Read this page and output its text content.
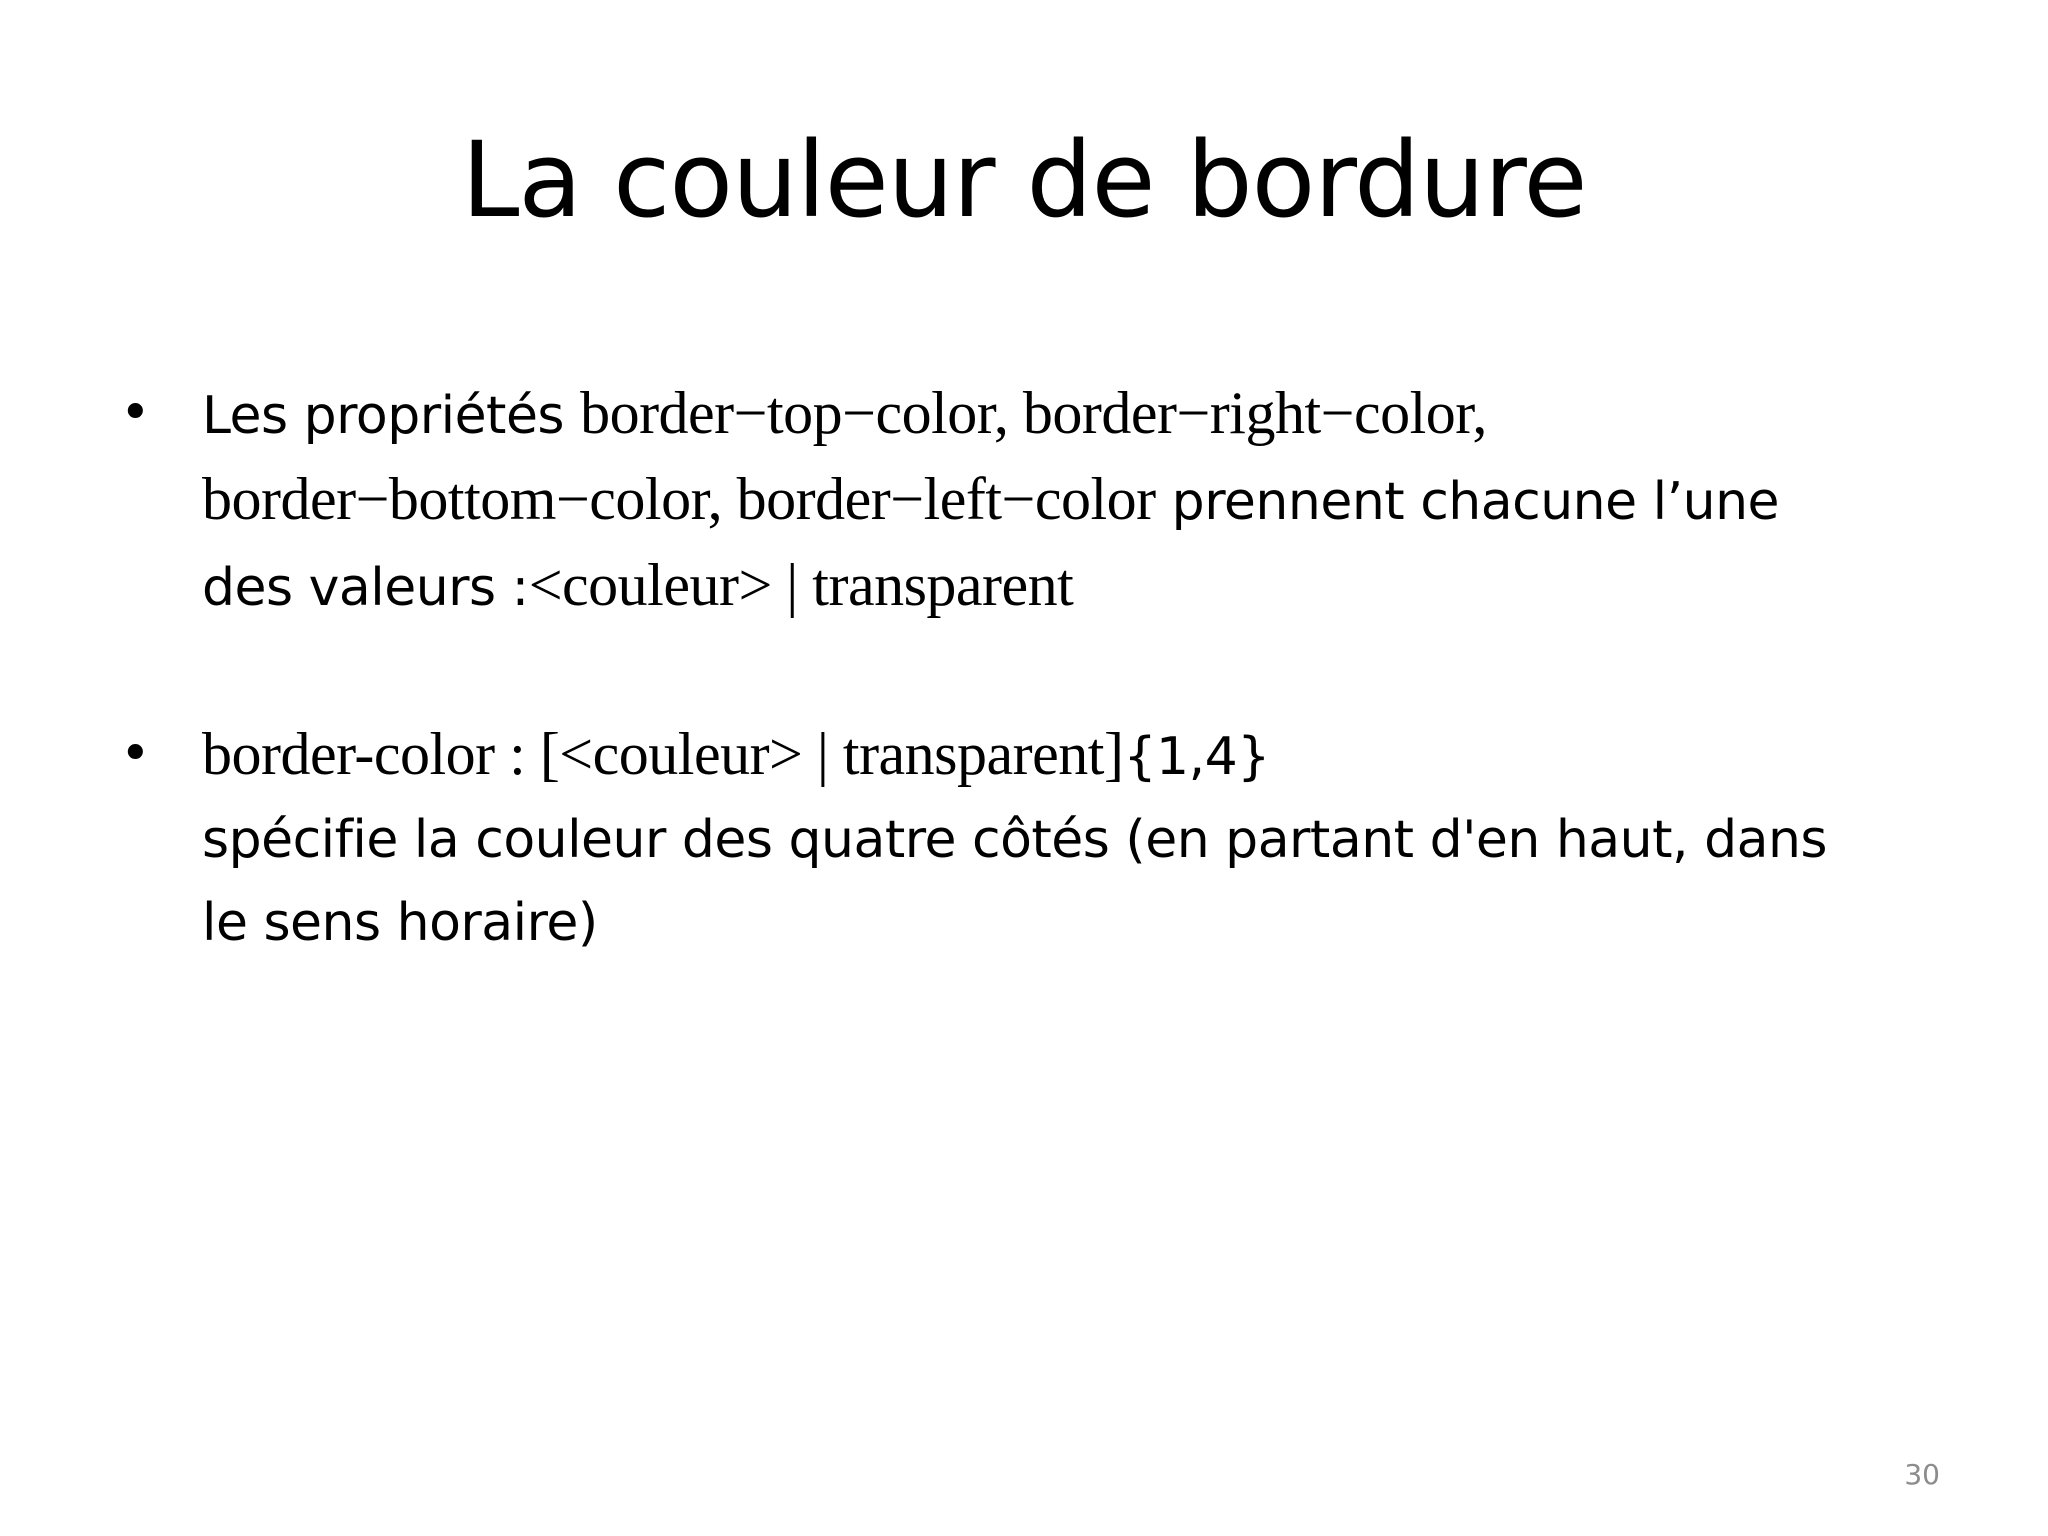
La couleur de bordure
• Les propriétés border−top−color, border−right−color,
border−bottom−color, border−left−color prennent chacune l’une
des valeurs :<couleur> | transparent
• border-color : [<couleur> | transparent]{1,4}
spécifie la couleur des quatre côtés (en partant d'en haut, dans
le sens horaire)
30
